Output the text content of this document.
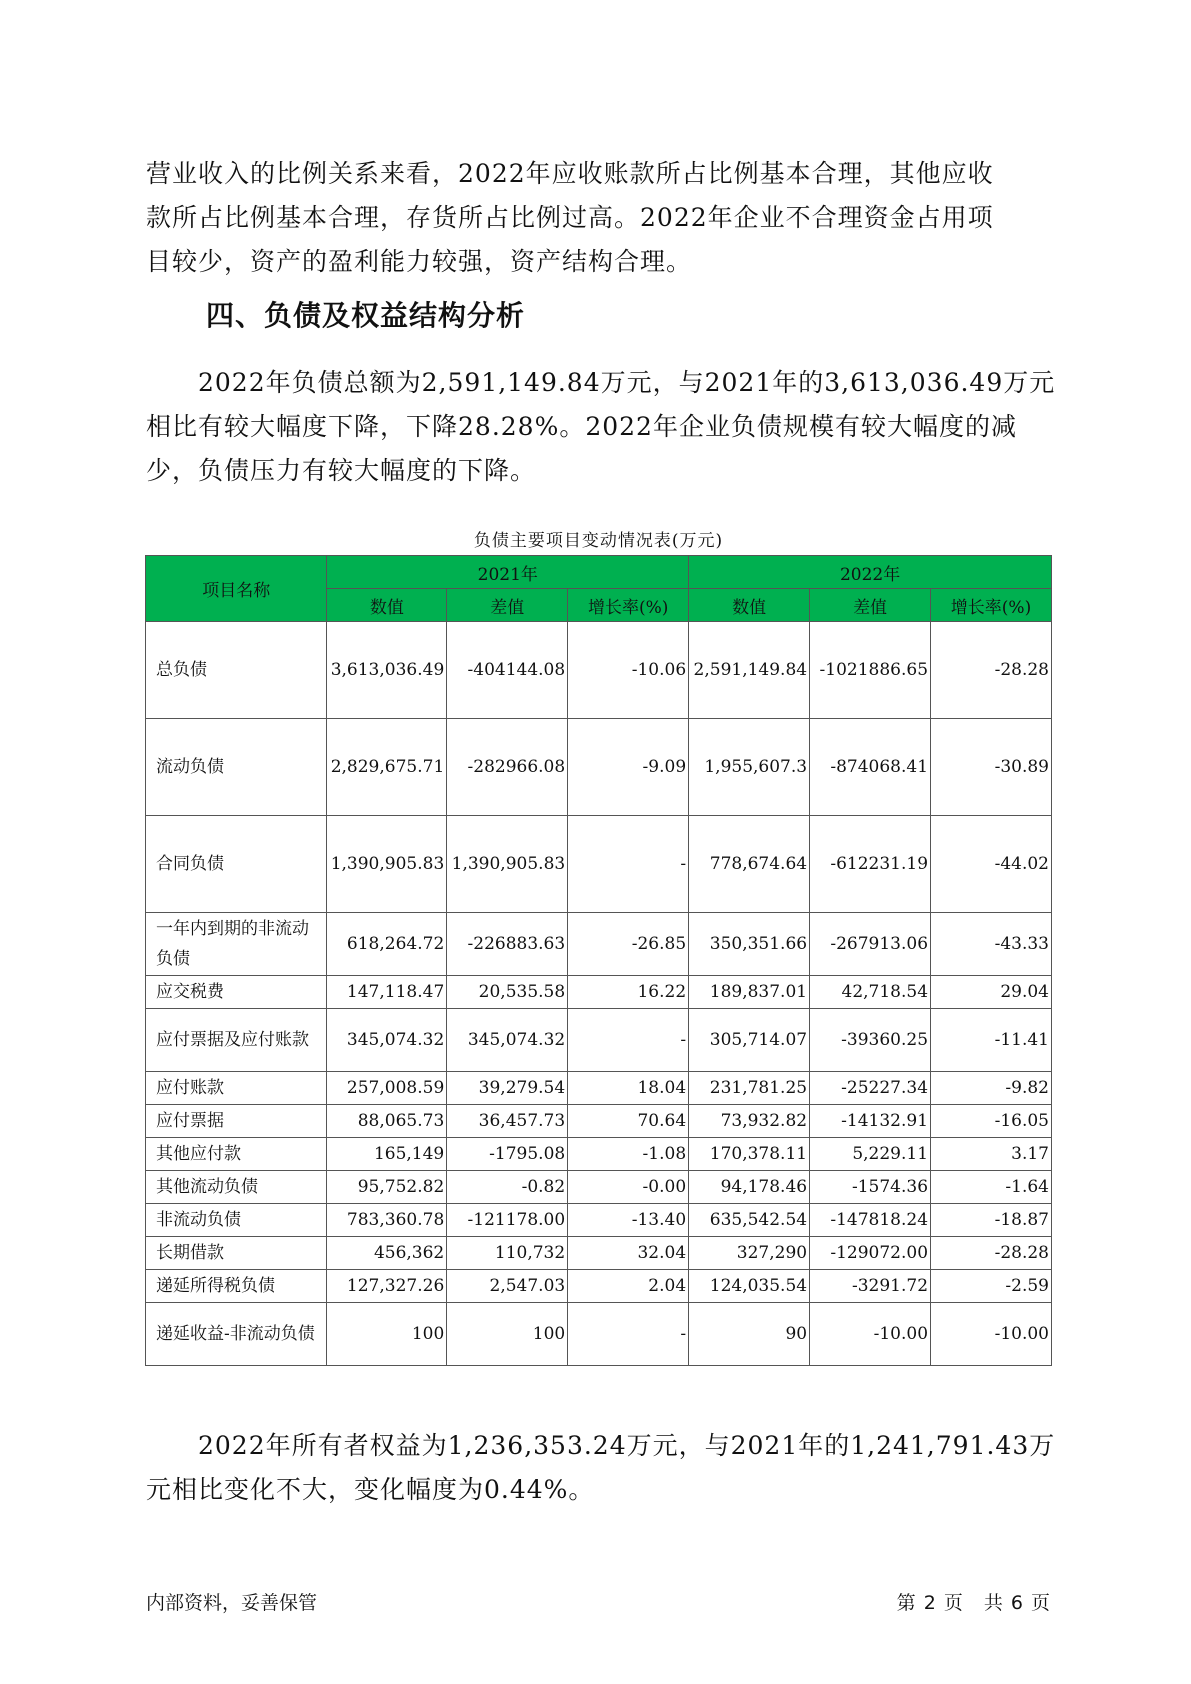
营业收入的比例关系来看，2022年应收账款所占比例基本合理，其他应收
款所占比例基本合理，存货所占比例过高。2022年企业不合理资金占用项
目较少，资产的盈利能力较强，资产结构合理。
四、负债及权益结构分析
　　2022年负债总额为2,591,149.84万元，与2021年的3,613,036.49万元
相比有较大幅度下降，下降28.28%。2022年企业负债规模有较大幅度的减
少，负债压力有较大幅度的下降。
负债主要项目变动情况表(万元)
项目名称	2021年			2022年		
	数值	差值	增长率(%)	数值	差值	增长率(%)
总负债	3,613,036.49	-404144.08	-10.06	2,591,149.84	-1021886.65	-28.28
流动负债	2,829,675.71	-282966.08	-9.09	1,955,607.3	-874068.41	-30.89
合同负债	1,390,905.83	1,390,905.83	-	778,674.64	-612231.19	-44.02
一年内到期的非流动负债	618,264.72	-226883.63	-26.85	350,351.66	-267913.06	-43.33
应交税费	147,118.47	20,535.58	16.22	189,837.01	42,718.54	29.04
应付票据及应付账款	345,074.32	345,074.32	-	305,714.07	-39360.25	-11.41
应付账款	257,008.59	39,279.54	18.04	231,781.25	-25227.34	-9.82
应付票据	88,065.73	36,457.73	70.64	73,932.82	-14132.91	-16.05
其他应付款	165,149	-1795.08	-1.08	170,378.11	5,229.11	3.17
其他流动负债	95,752.82	-0.82	-0.00	94,178.46	-1574.36	-1.64
非流动负债	783,360.78	-121178.00	-13.40	635,542.54	-147818.24	-18.87
长期借款	456,362	110,732	32.04	327,290	-129072.00	-28.28
递延所得税负债	127,327.26	2,547.03	2.04	124,035.54	-3291.72	-2.59
递延收益-非流动负债	100	100	-	90	-10.00	-10.00
　　2022年所有者权益为1,236,353.24万元，与2021年的1,241,791.43万
元相比变化不大，变化幅度为0.44%。
内部资料，妥善保管	第 2 页　共 6 页
